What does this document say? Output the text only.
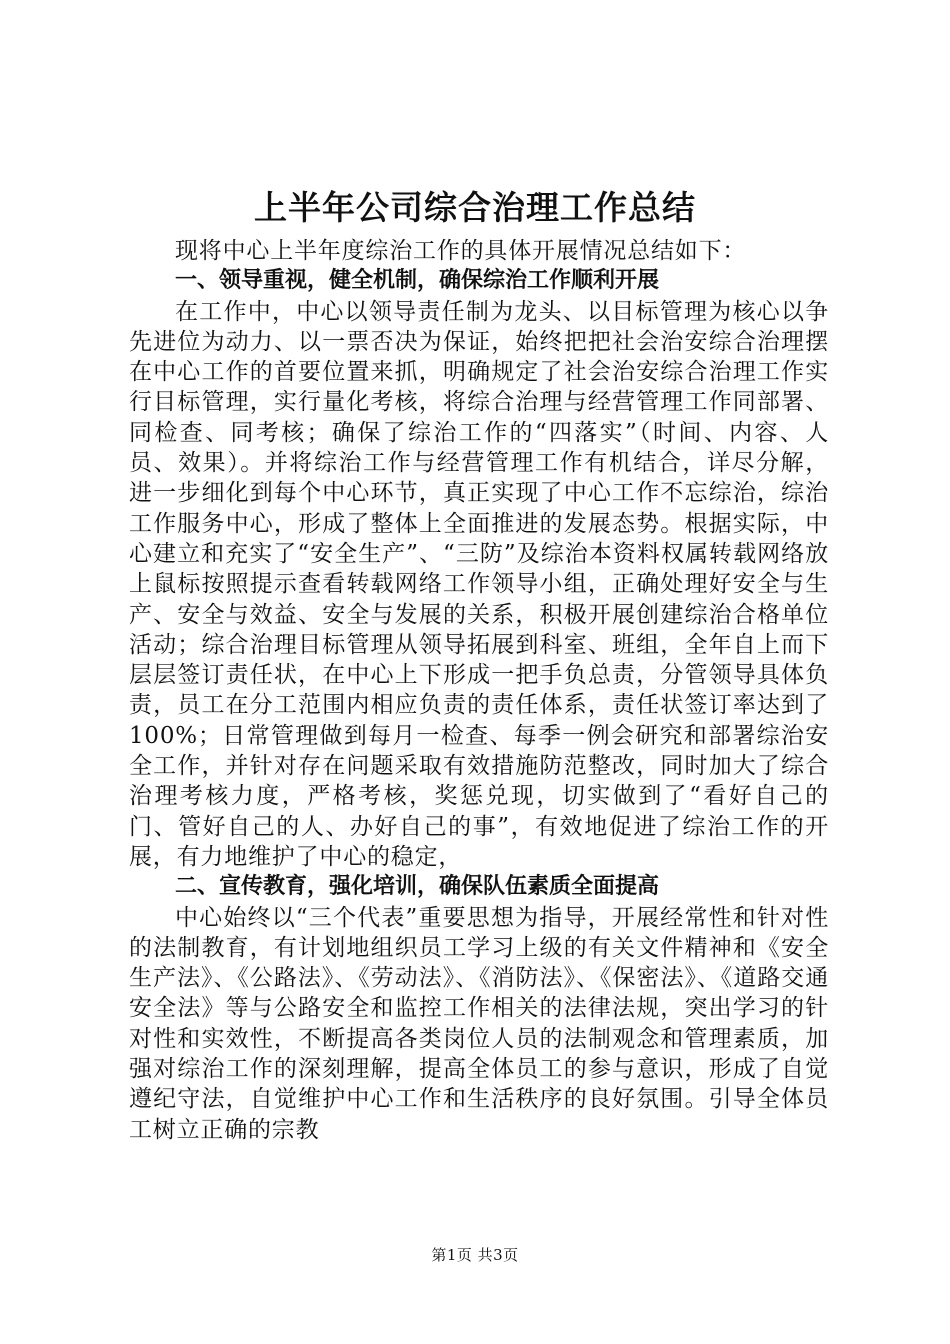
上半年公司综合治理工作总结

现将中心上半年度综治工作的具体开展情况总结如下：

一、领导重视，健全机制，确保综治工作顺利开展

在工作中，中心以领导责任制为龙头、以目标管理为核心以争先进位为动力、以一票否决为保证，始终把把社会治安综合治理摆在中心工作的首要位置来抓，明确规定了社会治安综合治理工作实行目标管理，实行量化考核，将综合治理与经营管理工作同部署、同检查、同考核；确保了综治工作的“四落实”（时间、内容、人员、效果）。并将综治工作与经营管理工作有机结合，详尽分解，进一步细化到每个中心环节，真正实现了中心工作不忘综治，综治工作服务中心，形成了整体上全面推进的发展态势。根据实际，中心建立和充实了“安全生产”、“三防”及综治本资料权属转载网络放上鼠标按照提示查看转载网络工作领导小组，正确处理好安全与生产、安全与效益、安全与发展的关系，积极开展创建综治合格单位活动；综合治理目标管理从领导拓展到科室、班组，全年自上而下层层签订责任状，在中心上下形成一把手负总责，分管领导具体负责，员工在分工范围内相应负责的责任体系，责任状签订率达到了100%；日常管理做到每月一检查、每季一例会研究和部署综治安全工作，并针对存在问题采取有效措施防范整改，同时加大了综合治理考核力度，严格考核，奖惩兑现，切实做到了“看好自己的门、管好自己的人、办好自己的事”，有效地促进了综治工作的开展，有力地维护了中心的稳定，

二、宣传教育，强化培训，确保队伍素质全面提高

中心始终以“三个代表”重要思想为指导，开展经常性和针对性的法制教育，有计划地组织员工学习上级的有关文件精神和《安全生产法》、《公路法》、《劳动法》、《消防法》、《保密法》、《道路交通安全法》等与公路安全和监控工作相关的法律法规，突出学习的针对性和实效性，不断提高各类岗位人员的法制观念和管理素质，加强对综治工作的深刻理解，提高全体员工的参与意识，形成了自觉遵纪守法，自觉维护中心工作和生活秩序的良好氛围。引导全体员工树立正确的宗教

第1页 共3页
